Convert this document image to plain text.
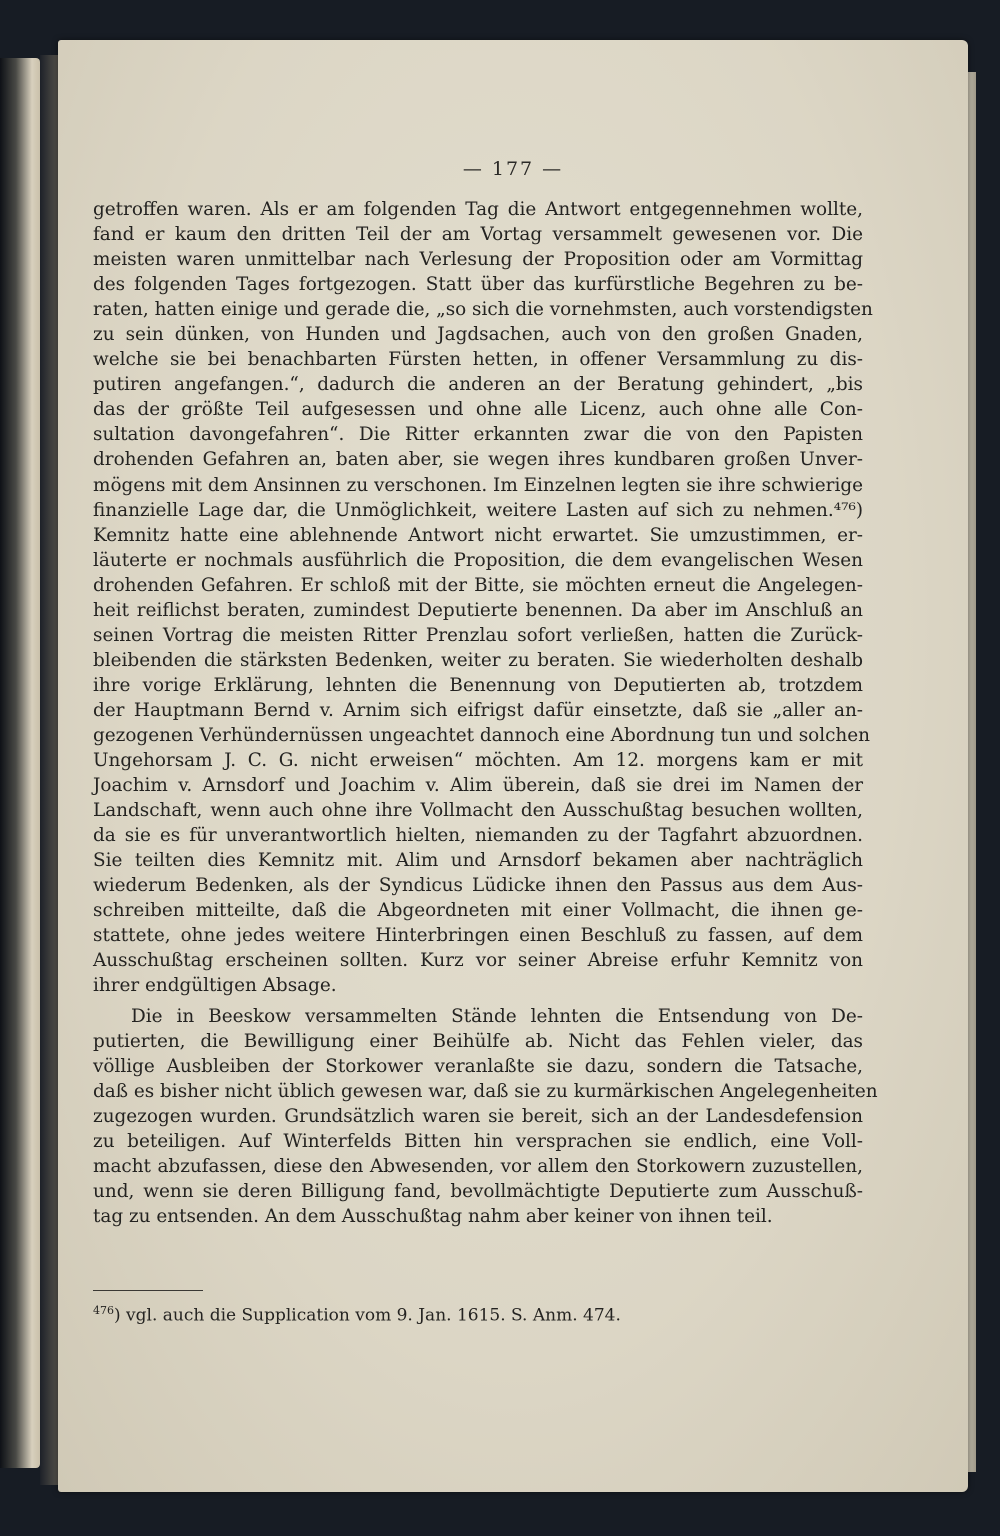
— 177 —
getroffen waren. Als er am folgenden Tag die Antwort entgegennehmen wollte,
fand er kaum den dritten Teil der am Vortag versammelt gewesenen vor. Die
meisten waren unmittelbar nach Verlesung der Proposition oder am Vormittag
des folgenden Tages fortgezogen. Statt über das kurfürstliche Begehren zu be-
raten, hatten einige und gerade die, „so sich die vornehmsten, auch vorstendigsten
zu sein dünken, von Hunden und Jagdsachen, auch von den großen Gnaden,
welche sie bei benachbarten Fürsten hetten, in offener Versammlung zu dis-
putiren angefangen.“, dadurch die anderen an der Beratung gehindert, „bis
das der größte Teil aufgesessen und ohne alle Licenz, auch ohne alle Con-
sultation davongefahren“. Die Ritter erkannten zwar die von den Papisten
drohenden Gefahren an, baten aber, sie wegen ihres kundbaren großen Unver-
mögens mit dem Ansinnen zu verschonen. Im Einzelnen legten sie ihre schwierige
finanzielle Lage dar, die Unmöglichkeit, weitere Lasten auf sich zu nehmen.⁴⁷⁶)
Kemnitz hatte eine ablehnende Antwort nicht erwartet. Sie umzustimmen, er-
läuterte er nochmals ausführlich die Proposition, die dem evangelischen Wesen
drohenden Gefahren. Er schloß mit der Bitte, sie möchten erneut die Angelegen-
heit reiflichst beraten, zumindest Deputierte benennen. Da aber im Anschluß an
seinen Vortrag die meisten Ritter Prenzlau sofort verließen, hatten die Zurück-
bleibenden die stärksten Bedenken, weiter zu beraten. Sie wiederholten deshalb
ihre vorige Erklärung, lehnten die Benennung von Deputierten ab, trotzdem
der Hauptmann Bernd v. Arnim sich eifrigst dafür einsetzte, daß sie „aller an-
gezogenen Verhündernüssen ungeachtet dannoch eine Abordnung tun und solchen
Ungehorsam J. C. G. nicht erweisen“ möchten. Am 12. morgens kam er mit
Joachim v. Arnsdorf und Joachim v. Alim überein, daß sie drei im Namen der
Landschaft, wenn auch ohne ihre Vollmacht den Ausschußtag besuchen wollten,
da sie es für unverantwortlich hielten, niemanden zu der Tagfahrt abzuordnen.
Sie teilten dies Kemnitz mit. Alim und Arnsdorf bekamen aber nachträglich
wiederum Bedenken, als der Syndicus Lüdicke ihnen den Passus aus dem Aus-
schreiben mitteilte, daß die Abgeordneten mit einer Vollmacht, die ihnen ge-
stattete, ohne jedes weitere Hinterbringen einen Beschluß zu fassen, auf dem
Ausschußtag erscheinen sollten. Kurz vor seiner Abreise erfuhr Kemnitz von
ihrer endgültigen Absage.
Die in Beeskow versammelten Stände lehnten die Entsendung von De-
putierten, die Bewilligung einer Beihülfe ab. Nicht das Fehlen vieler, das
völlige Ausbleiben der Storkower veranlaßte sie dazu, sondern die Tatsache,
daß es bisher nicht üblich gewesen war, daß sie zu kurmärkischen Angelegenheiten
zugezogen wurden. Grundsätzlich waren sie bereit, sich an der Landesdefension
zu beteiligen. Auf Winterfelds Bitten hin versprachen sie endlich, eine Voll-
macht abzufassen, diese den Abwesenden, vor allem den Storkowern zuzustellen,
und, wenn sie deren Billigung fand, bevollmächtigte Deputierte zum Ausschuß-
tag zu entsenden. An dem Ausschußtag nahm aber keiner von ihnen teil.
$^{476}$) vgl. auch die Supplication vom 9. Jan. 1615. S. Anm. 474.
